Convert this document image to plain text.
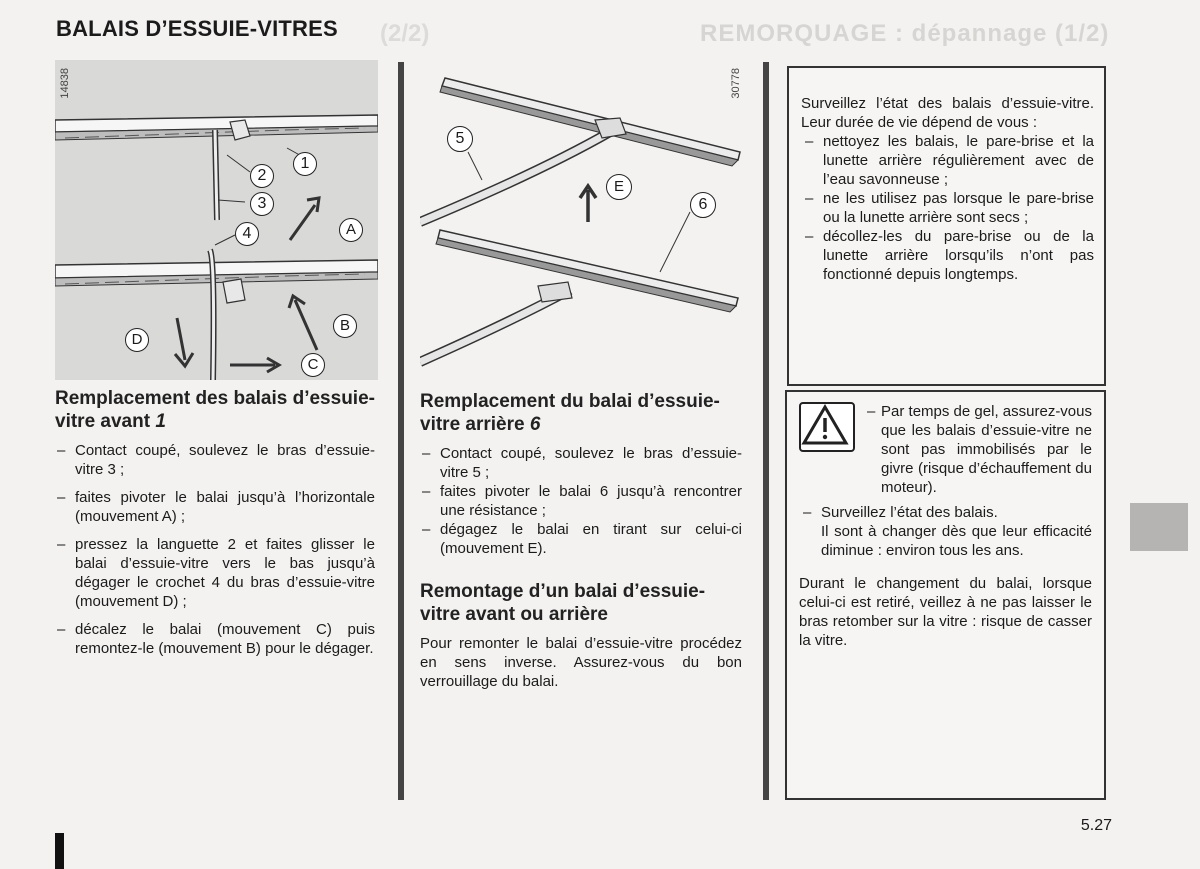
REMORQUAGE : dépannage (1/2)
(2/2)
BALAIS D’ESSUIE-VITRES
14838
1
2
3
4	A
B
C
D
30778
5
6
E
Remplacement des balais d’essuie-vitre avant 1
– Contact coupé, soulevez le bras d’essuie-vitre 3 ;
– faites pivoter le balai jusqu’à l’horizontale (mouvement A) ;
– pressez la languette 2 et faites glisser le balai d’essuie-vitre vers le bas jusqu’à dégager le crochet 4 du bras d’essuie-vitre (mouvement D) ;
– décalez le balai (mouvement C) puis remontez-le (mouvement B) pour le dégager.
Remplacement du balai d’essuie-vitre arrière 6
– Contact coupé, soulevez le bras d’essuie-vitre 5 ;
– faites pivoter le balai 6 jusqu’à rencontrer une résistance ;
– dégagez le balai en tirant sur celui-ci (mouvement E).
Remontage d’un balai d’essuie-vitre avant ou arrière

Pour remonter le balai d’essuie-vitre procédez en sens inverse. Assurez-vous du bon verrouillage du balai.

Surveillez l’état des balais d’essuie-vitre. Leur durée de vie dépend de vous :

– nettoyez les balais, le pare-brise et la lunette arrière régulièrement avec de l’eau savonneuse ;
– ne les utilisez pas lorsque le pare-brise ou la lunette arrière sont secs ;
– décollez-les du pare-brise ou de la lunette arrière lorsqu’ils n’ont pas fonctionné depuis longtemps.
– Par temps de gel, assurez-vous que les balais d’essuie-vitre ne sont pas immobilisés par le givre (risque d’échauffement du moteur).
– Surveillez l’état des balais.
Il sont à changer dès que leur efficacité diminue : environ tous les ans.

Durant le changement du balai, lorsque celui-ci est retiré, veillez à ne pas laisser le bras retomber sur la vitre : risque de casser la vitre.

5.27
